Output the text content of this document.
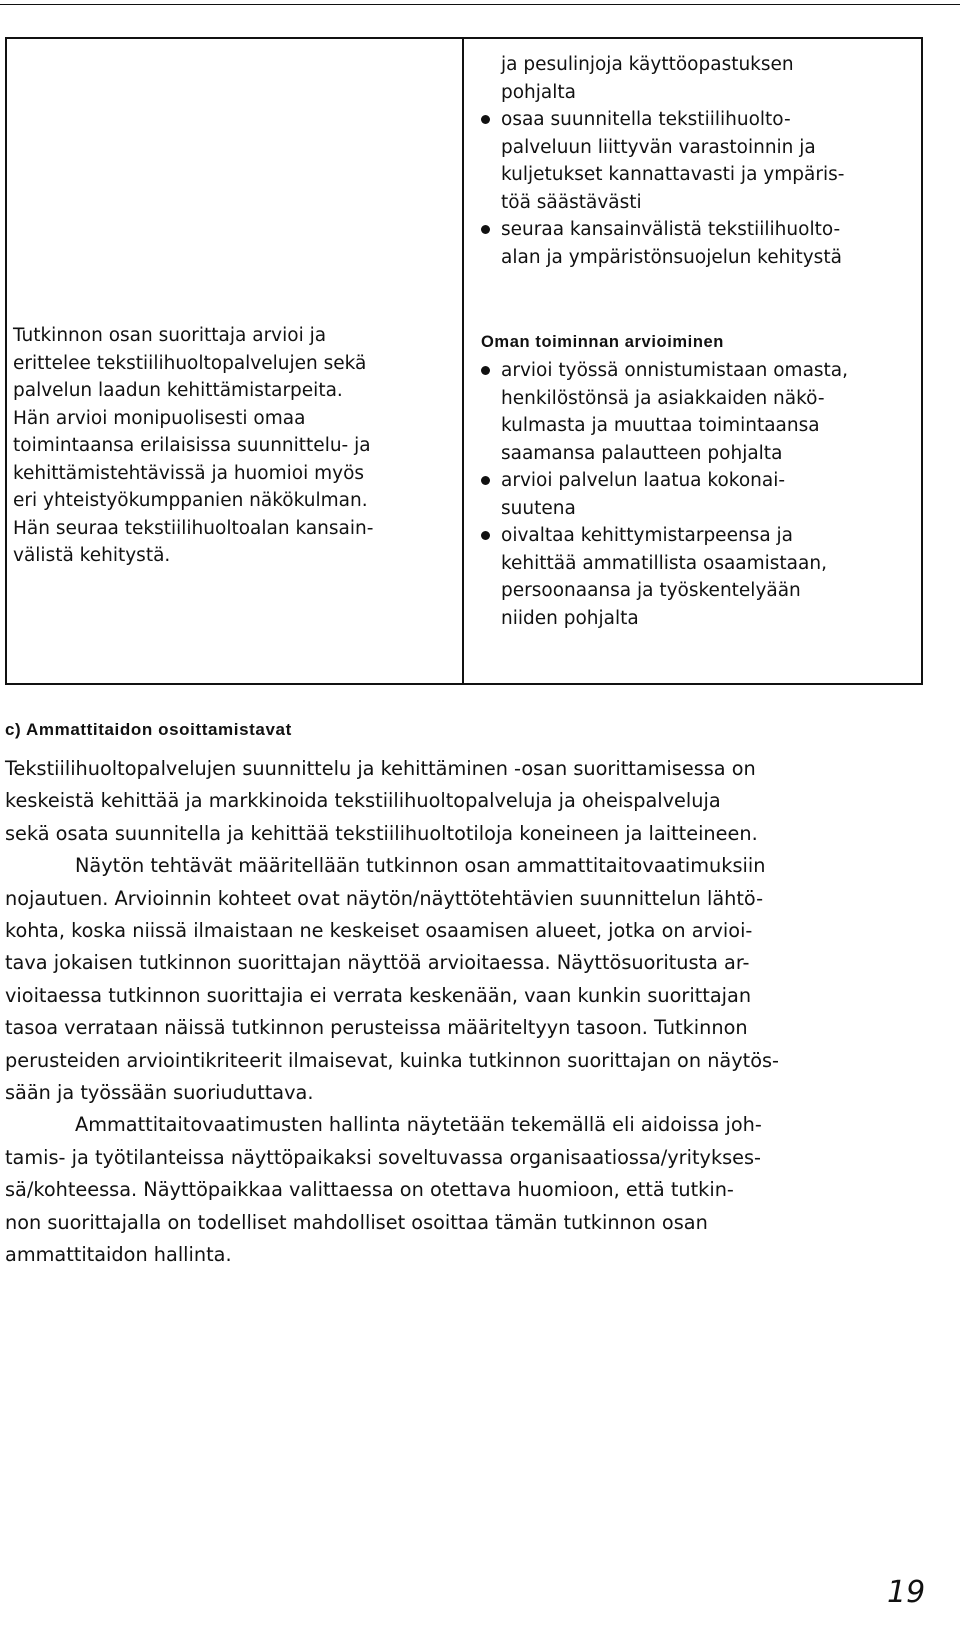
Tutkinnon osan suorittaja arvioi ja
erittelee tekstiilihuoltopalvelujen sekä
palvelun laadun kehittämistarpeita.
Hän arvioi monipuolisesti omaa
toimintaansa erilaisissa suunnittelu- ja
kehittämistehtävissä ja huomioi myös
eri yhteistyökumppanien näkökulman.
Hän seuraa tekstiilihuoltoalan kansain-
välistä kehitystä.
ja pesulinjoja käyttöopastuksen
pohjalta
osaa suunnitella tekstiilihuolto-
palveluun liittyvän varastoinnin ja
kuljetukset kannattavasti ja ympäris-
töä säästävästi
seuraa kansainvälistä tekstiilihuolto-
alan ja ympäristönsuojelun kehitystä
Oman toiminnan arvioiminen
arvioi työssä onnistumistaan omasta,
henkilöstönsä ja asiakkaiden näkö-
kulmasta ja muuttaa toimintaansa
saamansa palautteen pohjalta
arvioi palvelun laatua kokonai-
suutena
oivaltaa kehittymistarpeensa ja
kehittää ammatillista osaamistaan,
persoonaansa ja työskentelyään
niiden pohjalta
c) Ammattitaidon osoittamistavat
Tekstiilihuoltopalvelujen suunnittelu ja kehittäminen -osan suorittamisessa on
keskeistä kehittää ja markkinoida tekstiilihuoltopalveluja ja oheispalveluja
sekä osata suunnitella ja kehittää tekstiilihuoltotiloja koneineen ja laitteineen.
Näytön tehtävät määritellään tutkinnon osan ammattitaitovaatimuksiin
nojautuen. Arvioinnin kohteet ovat näytön/näyttötehtävien suunnittelun lähtö-
kohta, koska niissä ilmaistaan ne keskeiset osaamisen alueet, jotka on arvioi-
tava jokaisen tutkinnon suorittajan näyttöä arvioitaessa. Näyttösuoritusta ar-
vioitaessa tutkinnon suorittajia ei verrata keskenään, vaan kunkin suorittajan
tasoa verrataan näissä tutkinnon perusteissa määriteltyyn tasoon. Tutkinnon
perusteiden arviointikriteerit ilmaisevat, kuinka tutkinnon suorittajan on näytös-
sään ja työssään suoriuduttava.
Ammattitaitovaatimusten hallinta näytetään tekemällä eli aidoissa joh-
tamis- ja työtilanteissa näyttöpaikaksi soveltuvassa organisaatiossa/yritykses-
sä/kohteessa. Näyttöpaikkaa valittaessa on otettava huomioon, että tutkin-
non suorittajalla on todelliset mahdolliset osoittaa tämän tutkinnon osan
ammattitaidon hallinta.
19
